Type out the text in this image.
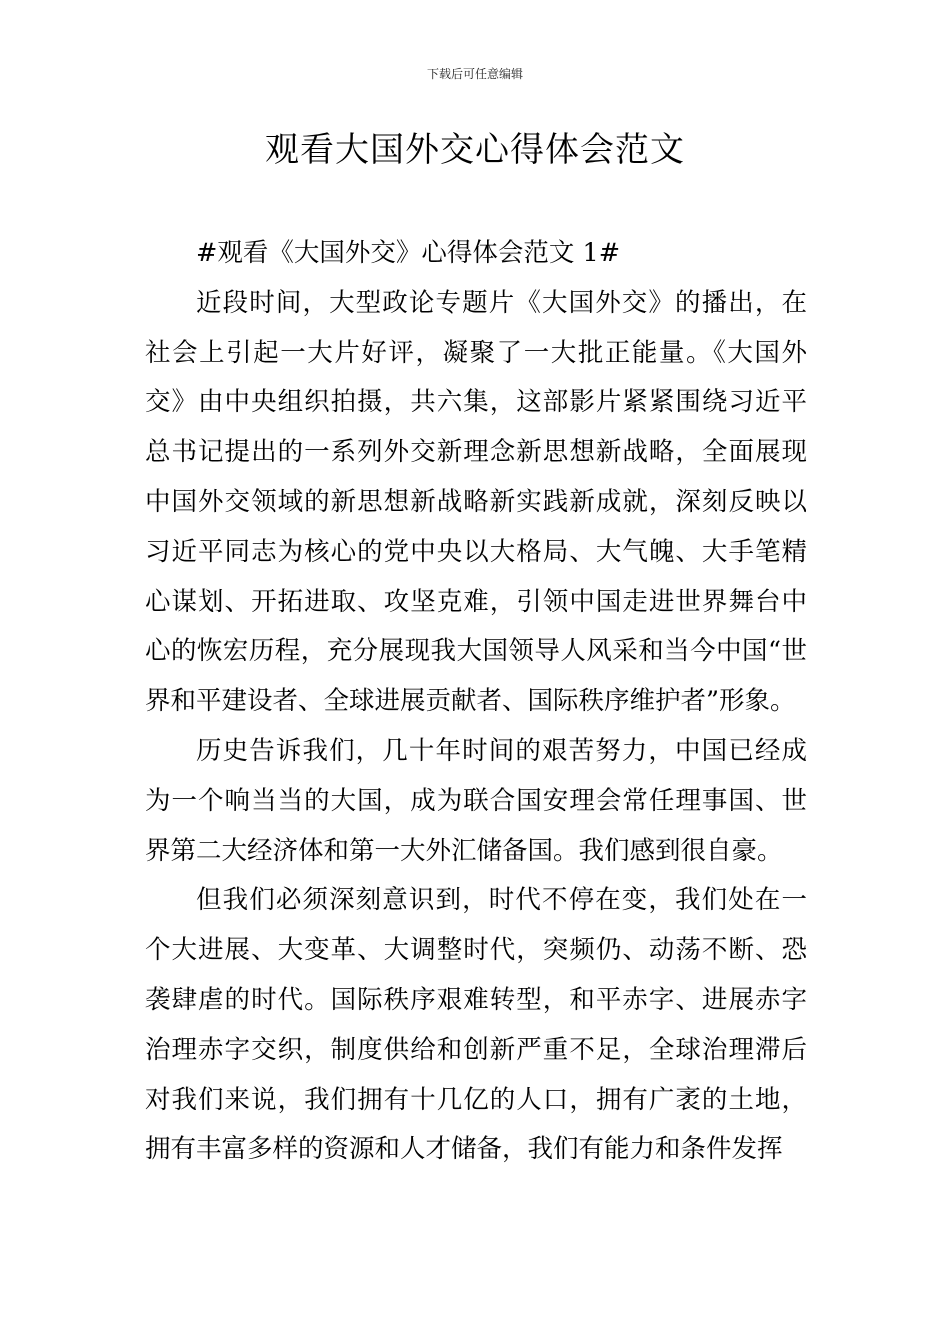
下载后可任意编辑
观看大国外交心得体会范文

#观看《大国外交》心得体会范文 1#

近段时间，大型政论专题片《大国外交》的播出，在社会上引起一大片好评，凝聚了一大批正能量。《大国外交》由中央组织拍摄，共六集，这部影片紧紧围绕习近平总书记提出的一系列外交新理念新思想新战略，全面展现中国外交领域的新思想新战略新实践新成就，深刻反映以习近平同志为核心的党中央以大格局、大气魄、大手笔精心谋划、开拓进取、攻坚克难，引领中国走进世界舞台中心的恢宏历程，充分展现我大国领导人风采和当今中国“世界和平建设者、全球进展贡献者、国际秩序维护者”形象。

历史告诉我们，几十年时间的艰苦努力，中国已经成为一个响当当的大国，成为联合国安理会常任理事国、世界第二大经济体和第一大外汇储备国。我们感到很自豪。

但我们必须深刻意识到，时代不停在变，我们处在一个大进展、大变革、大调整时代，突频仍、动荡不断、恐袭肆虐的时代。国际秩序艰难转型，和平赤字、进展赤字治理赤字交织，制度供给和创新严重不足，全球治理滞后对我们来说，我们拥有十几亿的人口，拥有广袤的土地，拥有丰富多样的资源和人才储备，我们有能力和条件发挥
